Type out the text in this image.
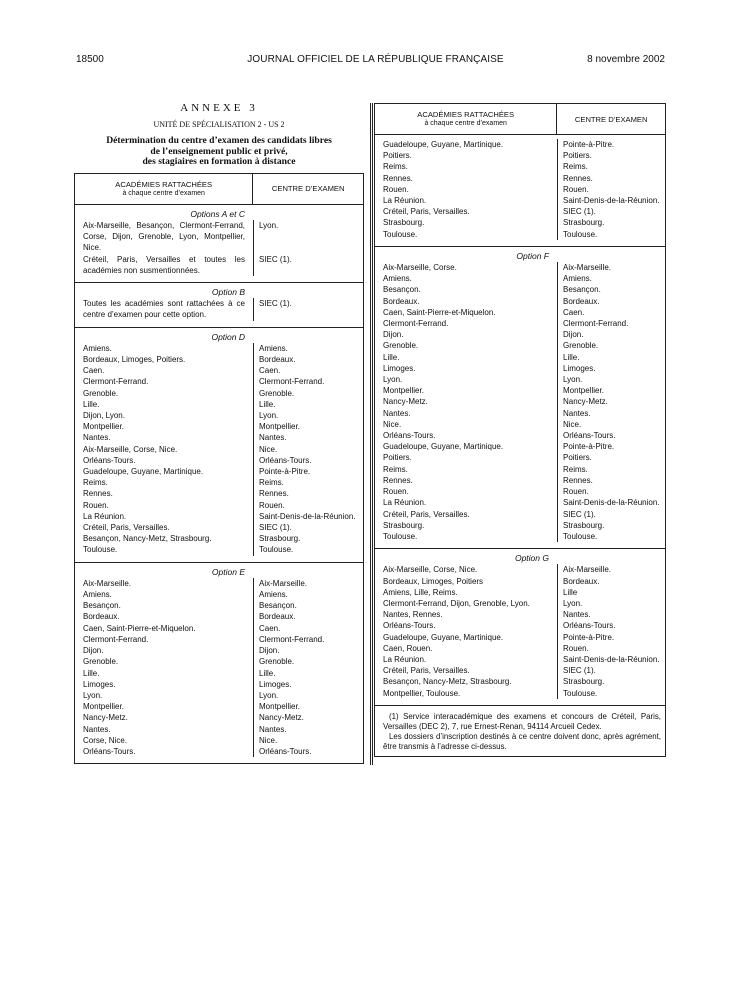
18500	JOURNAL OFFICIEL DE LA RÉPUBLIQUE FRANÇAISE	8 novembre 2002
ANNEXE 3
UNITÉ DE SPÉCIALISATION 2 - US 2
Détermination du centre d’examen des candidats libres
de l’enseignement public et privé,
des stagiaires en formation à distance
ACADÉMIES RATTACHÉES
à chaque centre d’examen	CENTRE D’EXAMEN
Options A et C
Aix-Marseille, Besançon, Clermont-Ferrand, Corse, Dijon, Grenoble, Lyon, Montpellier, Nice.
Lyon.
Créteil, Paris, Versailles et toutes les académies non susmentionnées.
SIEC (1).
Option B
Toutes les académies sont rattachées à ce centre d’examen pour cette option.
SIEC (1).
Option D
Amiens.	Amiens.
Bordeaux, Limoges, Poitiers.	Bordeaux.
Caen.	Caen.
Clermont-Ferrand.	Clermont-Ferrand.
Grenoble.	Grenoble.
Lille.	Lille.
Dijon, Lyon.	Lyon.
Montpellier.	Montpellier.
Nantes.	Nantes.
Aix-Marseille, Corse, Nice.	Nice.
Orléans-Tours.	Orléans-Tours.
Guadeloupe, Guyane, Martinique.	Pointe-à-Pitre.
Reims.	Reims.
Rennes.	Rennes.
Rouen.	Rouen.
La Réunion.	Saint-Denis-de-la-Réunion.
Créteil, Paris, Versailles.	SIEC (1).
Besançon, Nancy-Metz, Strasbourg.	Strasbourg.
Toulouse.	Toulouse.
Option E
Aix-Marseille.	Aix-Marseille.
Amiens.	Amiens.
Besançon.	Besançon.
Bordeaux.	Bordeaux.
Caen, Saint-Pierre-et-Miquelon.	Caen.
Clermont-Ferrand.	Clermont-Ferrand.
Dijon.	Dijon.
Grenoble.	Grenoble.
Lille.	Lille.
Limoges.	Limoges.
Lyon.	Lyon.
Montpellier.	Montpellier.
Nancy-Metz.	Nancy-Metz.
Nantes.	Nantes.
Corse, Nice.	Nice.
Orléans-Tours.	Orléans-Tours.
ACADÉMIES RATTACHÉES
à chaque centre d’examen	CENTRE D’EXAMEN
Guadeloupe, Guyane, Martinique.	Pointe-à-Pitre.
Poitiers.	Poitiers.
Reims.	Reims.
Rennes.	Rennes.
Rouen.	Rouen.
La Réunion.	Saint-Denis-de-la-Réunion.
Créteil, Paris, Versailles.	SIEC (1).
Strasbourg.	Strasbourg.
Toulouse.	Toulouse.
Option F
Aix-Marseille, Corse.	Aix-Marseille.
Amiens.	Amiens.
Besançon.	Besançon.
Bordeaux.	Bordeaux.
Caen, Saint-Pierre-et-Miquelon.	Caen.
Clermont-Ferrand.	Clermont-Ferrand.
Dijon.	Dijon.
Grenoble.	Grenoble.
Lille.	Lille.
Limoges.	Limoges.
Lyon.	Lyon.
Montpellier.	Montpellier.
Nancy-Metz.	Nancy-Metz.
Nantes.	Nantes.
Nice.	Nice.
Orléans-Tours.	Orléans-Tours.
Guadeloupe, Guyane, Martinique.	Pointe-à-Pitre.
Poitiers.	Poitiers.
Reims.	Reims.
Rennes.	Rennes.
Rouen.	Rouen.
La Réunion.	Saint-Denis-de-la-Réunion.
Créteil, Paris, Versailles.	SIEC (1).
Strasbourg.	Strasbourg.
Toulouse.	Toulouse.
Option G
Aix-Marseille, Corse, Nice.	Aix-Marseille.
Bordeaux, Limoges, Poitiers	Bordeaux.
Amiens, Lille, Reims.	Lille
Clermont-Ferrand, Dijon, Grenoble, Lyon.	Lyon.
Nantes, Rennes.	Nantes.
Orléans-Tours.	Orléans-Tours.
Guadeloupe, Guyane, Martinique.	Pointe-à-Pitre.
Caen, Rouen.	Rouen.
La Réunion.	Saint-Denis-de-la-Réunion.
Créteil, Paris, Versailles.	SIEC (1).
Besançon, Nancy-Metz, Strasbourg.	Strasbourg.
Montpellier, Toulouse.	Toulouse.
(1) Service interacadémique des examens et concours de Créteil, Paris, Versailles (DEC 2), 7, rue Ernest-Renan, 94114 Arcueil Cedex.
Les dossiers d’inscription destinés à ce centre doivent donc, après agrément, être transmis à l’adresse ci-dessus.
